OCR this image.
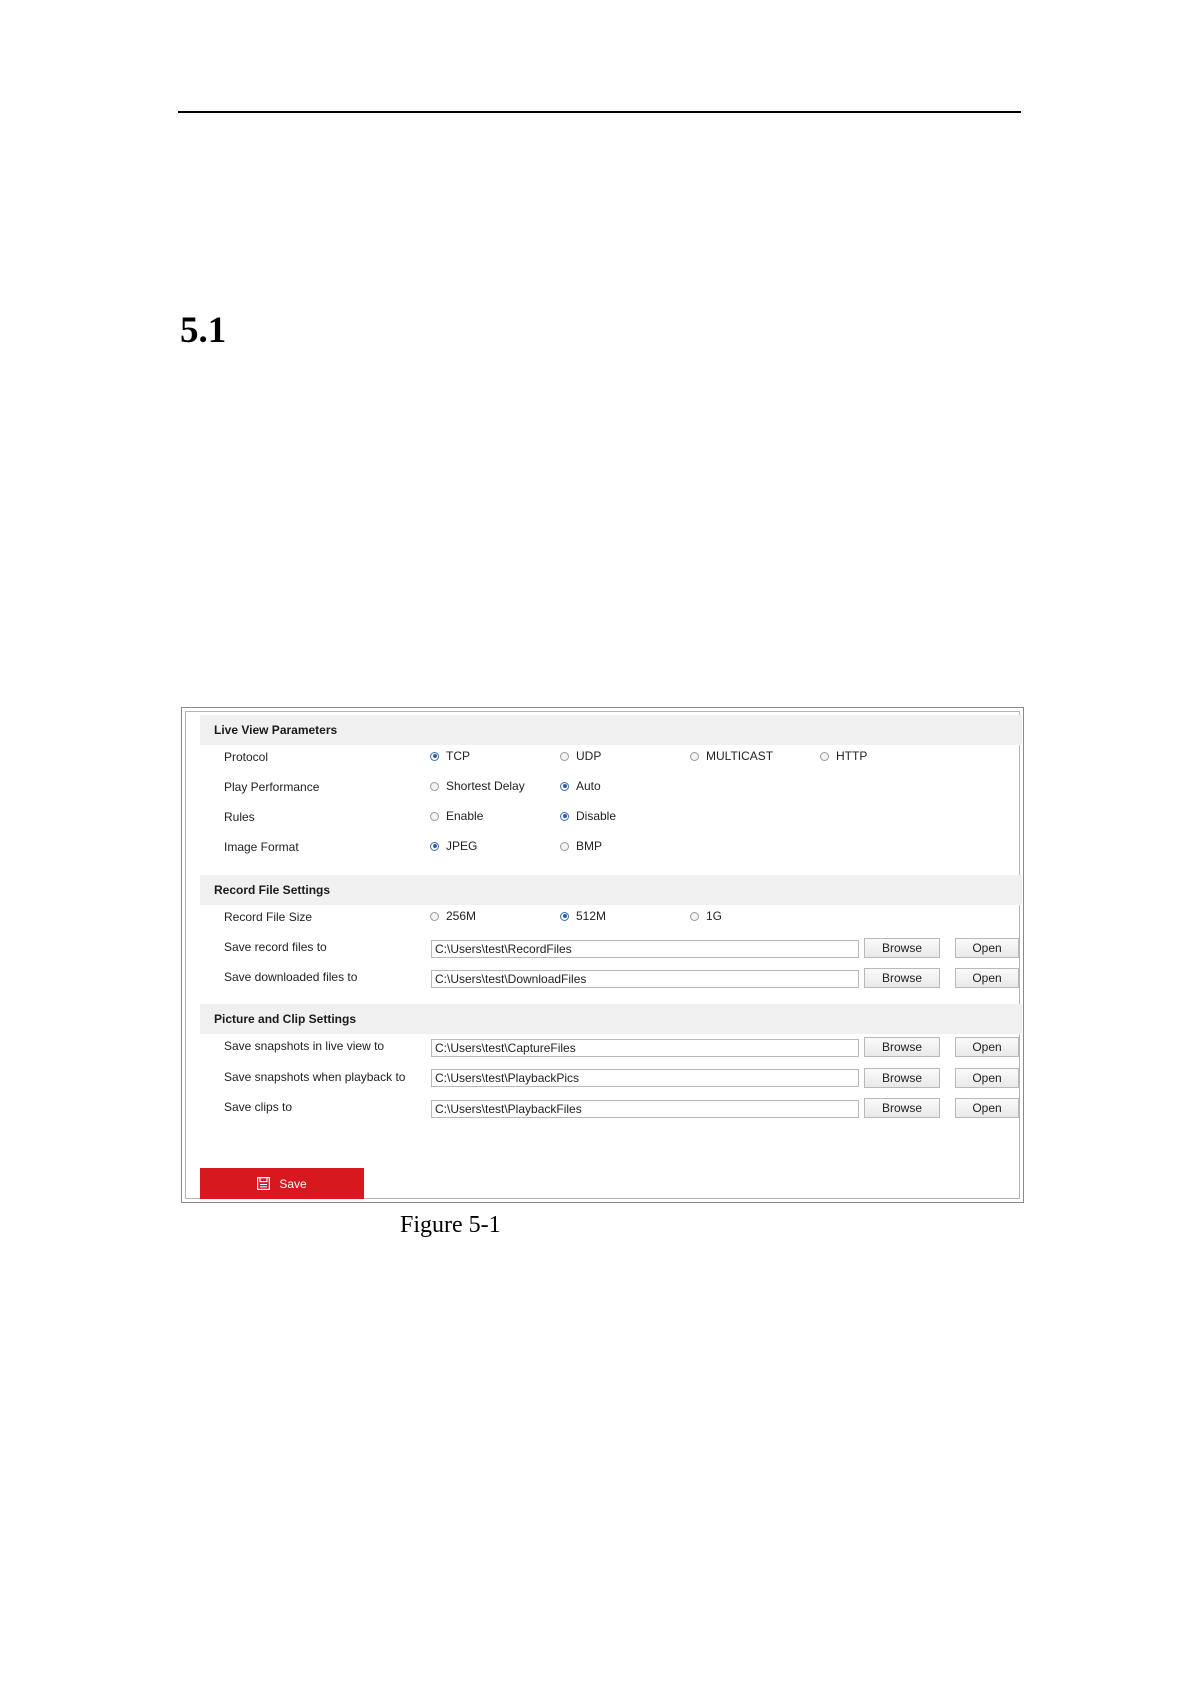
5.1
Live View Parameters
Protocol	TCP	UDP	MULTICAST	HTTP
Play Performance	Shortest Delay	Auto
Rules	Enable	Disable
Image Format	JPEG	BMP
Record File Settings
Record File Size	256M	512M	1G
Save record files to	C:\Users\test\RecordFiles	Browse	Open
Save downloaded files to	C:\Users\test\DownloadFiles	Browse	Open
Picture and Clip Settings
Save snapshots in live view to	C:\Users\test\CaptureFiles	Browse	Open
Save snapshots when playback to	C:\Users\test\PlaybackPics	Browse	Open
Save clips to	C:\Users\test\PlaybackFiles	Browse	Open
Save
Figure 5-1
